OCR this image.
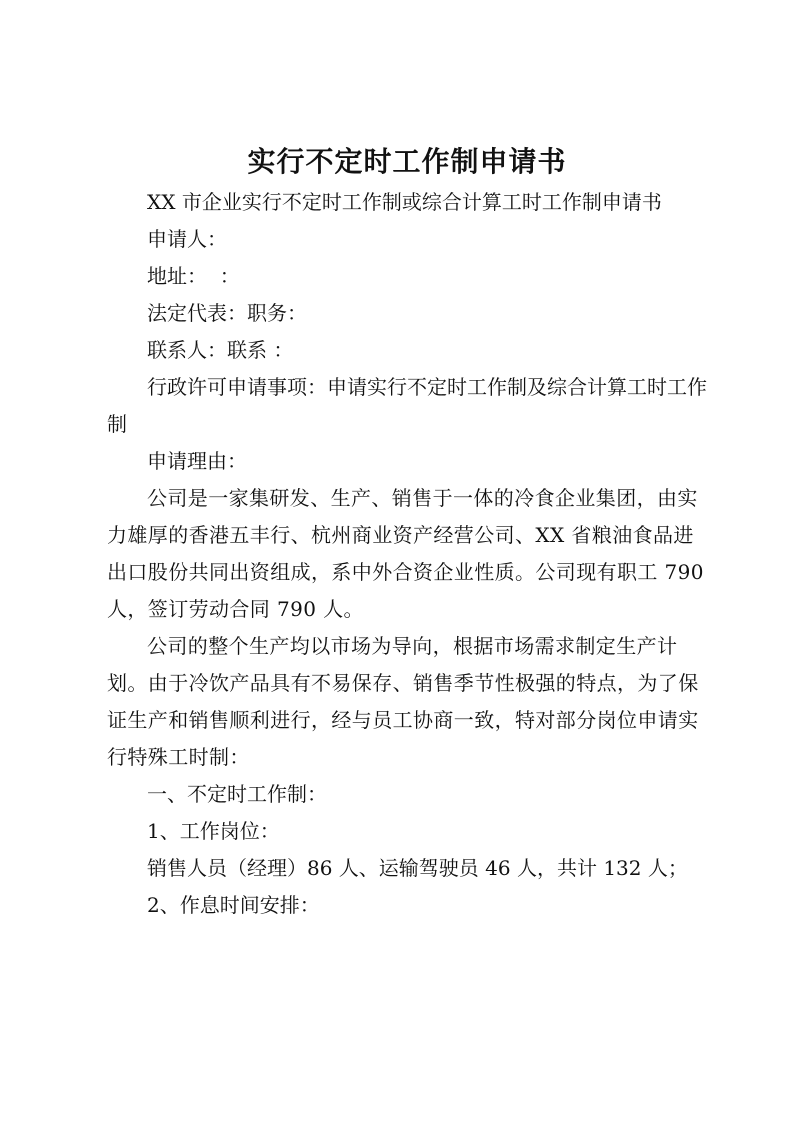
实行不定时工作制申请书

XX 市企业实行不定时工作制或综合计算工时工作制申请书

申请人：

地址：  ：

法定代表：职务：

联系人：联系 ：

行政许可申请事项：申请实行不定时工作制及综合计算工时工作制

申请理由：

公司是一家集研发、生产、销售于一体的冷食企业集团，由实力雄厚的香港五丰行、杭州商业资产经营公司、XX 省粮油食品进出口股份共同出资组成，系中外合资企业性质。公司现有职工 790 人，签订劳动合同 790 人。

公司的整个生产均以市场为导向，根据市场需求制定生产计划。由于冷饮产品具有不易保存、销售季节性极强的特点，为了保证生产和销售顺利进行，经与员工协商一致，特对部分岗位申请实行特殊工时制：

一、不定时工作制：

1、工作岗位：

销售人员（经理）86 人、运输驾驶员 46 人，共计 132 人；

2、作息时间安排：
